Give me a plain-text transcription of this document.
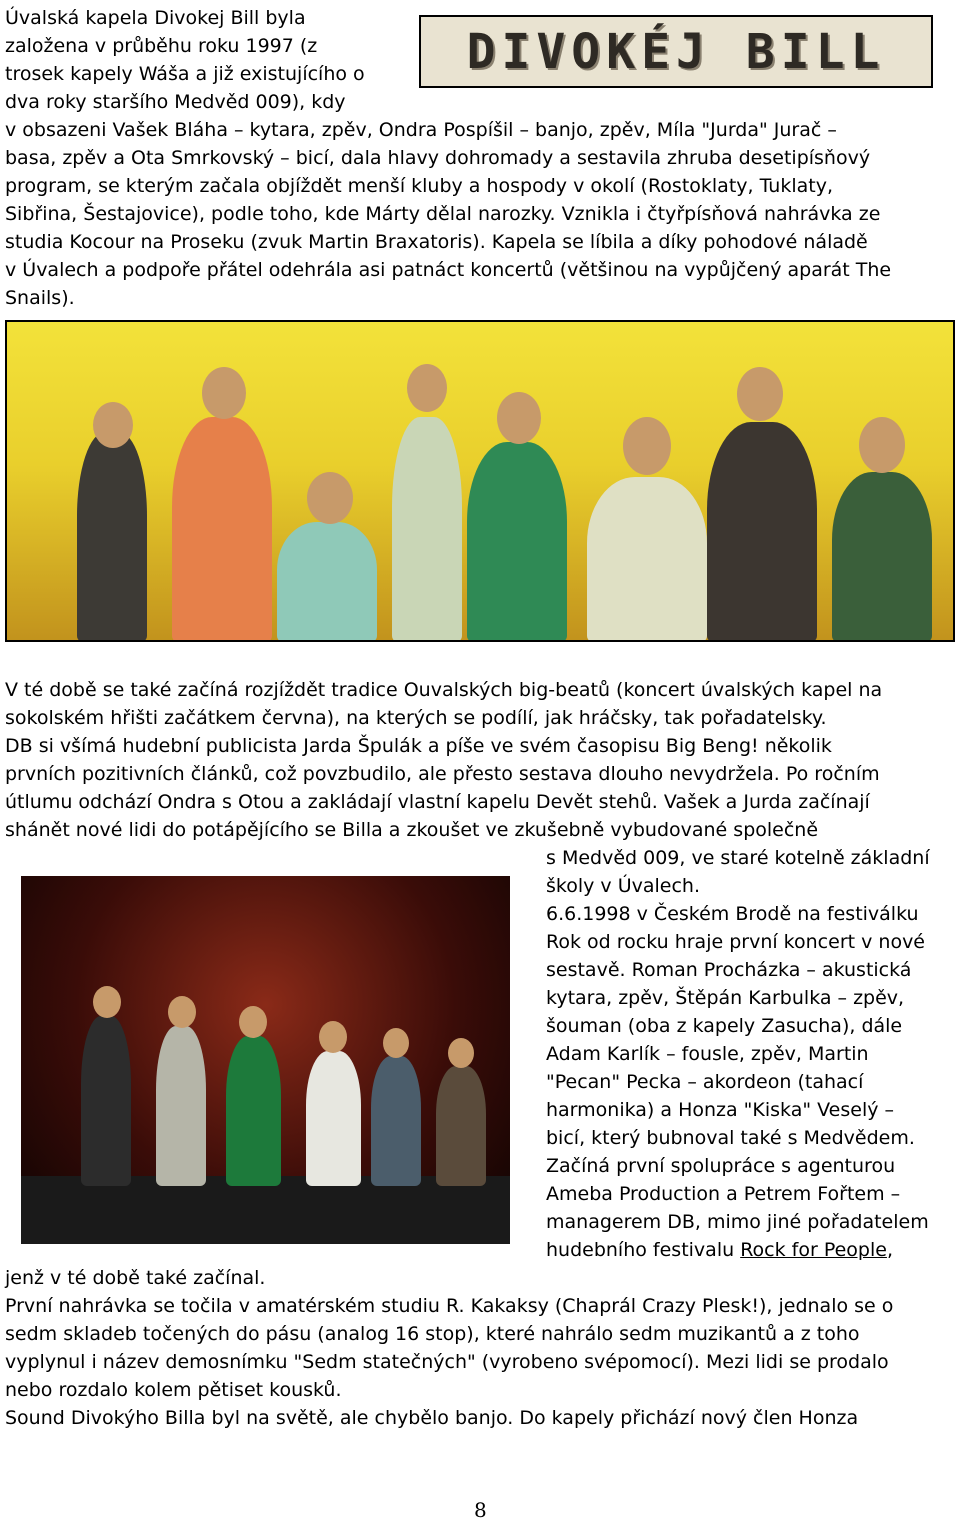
DIVOKÉJ BILL
Úvalská kapela Divokej Bill byla
založena v průběhu roku 1997 (z
trosek kapely Wáša a již existujícího o
dva roky staršího Medvěd 009), kdy
v obsazeni Vašek Bláha – kytara, zpěv, Ondra Pospíšil – banjo, zpěv, Míla "Jurda" Jurač –
basa, zpěv a Ota Smrkovský – bicí, dala hlavy dohromady a sestavila zhruba desetipísňový
program, se kterým začala objíždět menší kluby a hospody v okolí (Rostoklaty, Tuklaty,
Sibřina, Šestajovice), podle toho, kde Márty dělal narozky. Vznikla i čtyřpísňová nahrávka ze
studia Kocour na Proseku (zvuk Martin Braxatoris). Kapela se líbila a díky pohodové náladě
v Úvalech a podpoře přátel odehrála asi patnáct koncertů (většinou na vypůjčený aparát The
Snails).
V té době se také začíná rozjíždět tradice Ouvalských big-beatů (koncert úvalských kapel na
sokolském hřišti začátkem června), na kterých se podílí, jak hráčsky, tak pořadatelsky.
DB si všímá hudební publicista Jarda Špulák a píše ve svém časopisu Big Beng! několik
prvních pozitivních článků, což povzbudilo, ale přesto sestava dlouho nevydržela. Po ročním
útlumu odchází Ondra s Otou a zakládají vlastní kapelu Devět stehů. Vašek a Jurda začínají
shánět nové lidi do potápějícího se Billa a zkoušet ve zkušebně vybudované společně
s Medvěd 009, ve staré kotelně základní
školy v Úvalech.
6.6.1998 v Českém Brodě na festiválku
Rok od rocku hraje první koncert v nové
sestavě. Roman Procházka – akustická
kytara, zpěv, Štěpán Karbulka – zpěv,
šouman (oba z kapely Zasucha), dále
Adam Karlík – fousle, zpěv, Martin
"Pecan" Pecka – akordeon (tahací
harmonika) a Honza "Kiska" Veselý –
bicí, který bubnoval také s Medvědem.
Začíná první spolupráce s agenturou
Ameba Production a Petrem Fořtem –
managerem DB, mimo jiné pořadatelem
hudebního festivalu Rock for People,
jenž v té době také začínal.
První nahrávka se točila v amatérském studiu R. Kakaksy (Chaprál Crazy Plesk!), jednalo se o
sedm skladeb točených do pásu (analog 16 stop), které nahrálo sedm muzikantů a z toho
vyplynul i název demosnímku "Sedm statečných" (vyrobeno svépomocí). Mezi lidi se prodalo
nebo rozdalo kolem pětiset kousků.
Sound Divokýho Billa byl na světě, ale chybělo banjo. Do kapely přichází nový člen Honza
8
